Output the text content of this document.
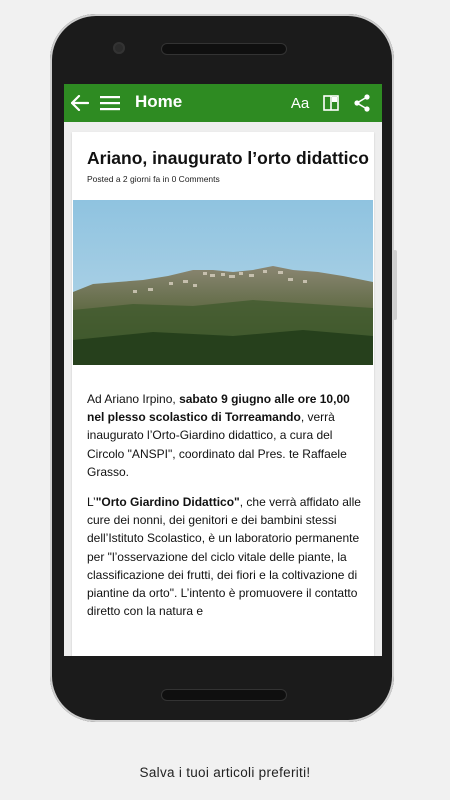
Home	Aa
Ariano, inaugurato l’orto didattico
Posted a 2 giorni fa in 0 Comments

Ad Ariano Irpino, sabato 9 giugno alle ore 10,00 nel plesso scolastico di Torreamando, verrà inaugurato l’Orto-Giardino didattico, a cura del Circolo "ANSPI", coordinato dal Pres. te Raffaele Grasso.

L’"Orto Giardino Didattico", che verrà affidato alle cure dei nonni, dei genitori e dei bambini stessi dell’Istituto Scolastico, è un laboratorio permanente per "l’osservazione del ciclo vitale delle piante, la classificazione dei frutti, dei fiori e la coltivazione di piantine da orto". L’intento è promuovere il contatto diretto con la natura e

Salva i tuoi articoli preferiti!
